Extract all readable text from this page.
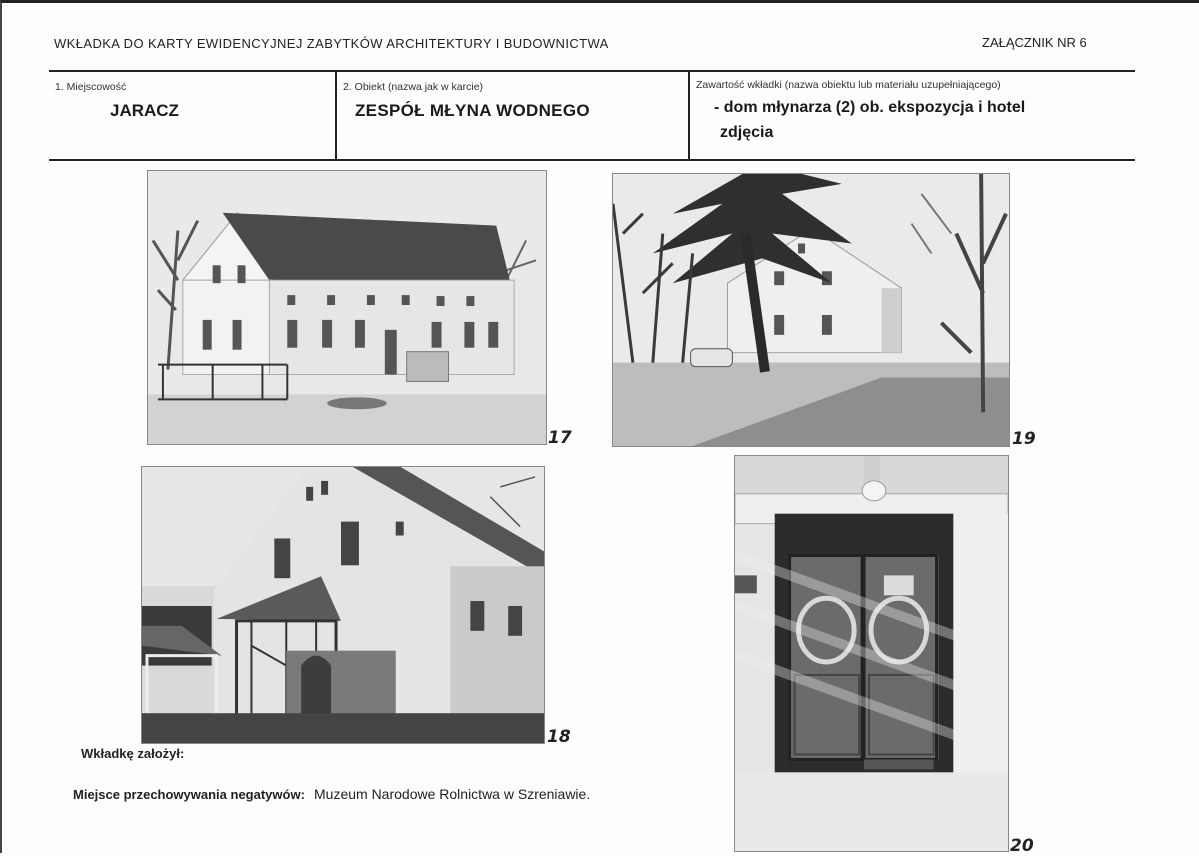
WKŁADKA DO KARTY EWIDENCYJNEJ ZABYTKÓW ARCHITEKTURY I BUDOWNICTWA	ZAŁĄCZNIK NR 6
1. Miejscowość
JARACZ
2. Obiekt (nazwa jak w karcie)
ZESPÓŁ MŁYNA WODNEGO
Zawartość wkładki (nazwa obiektu lub materiału uzupełniającego)
- dom młynarza (2) ob. ekspozycja i hotel
zdjęcia
17	19
18
20
Wkładkę założył:
Miejsce przechowywania negatywów: Muzeum Narodowe Rolnictwa w Szreniawie.
